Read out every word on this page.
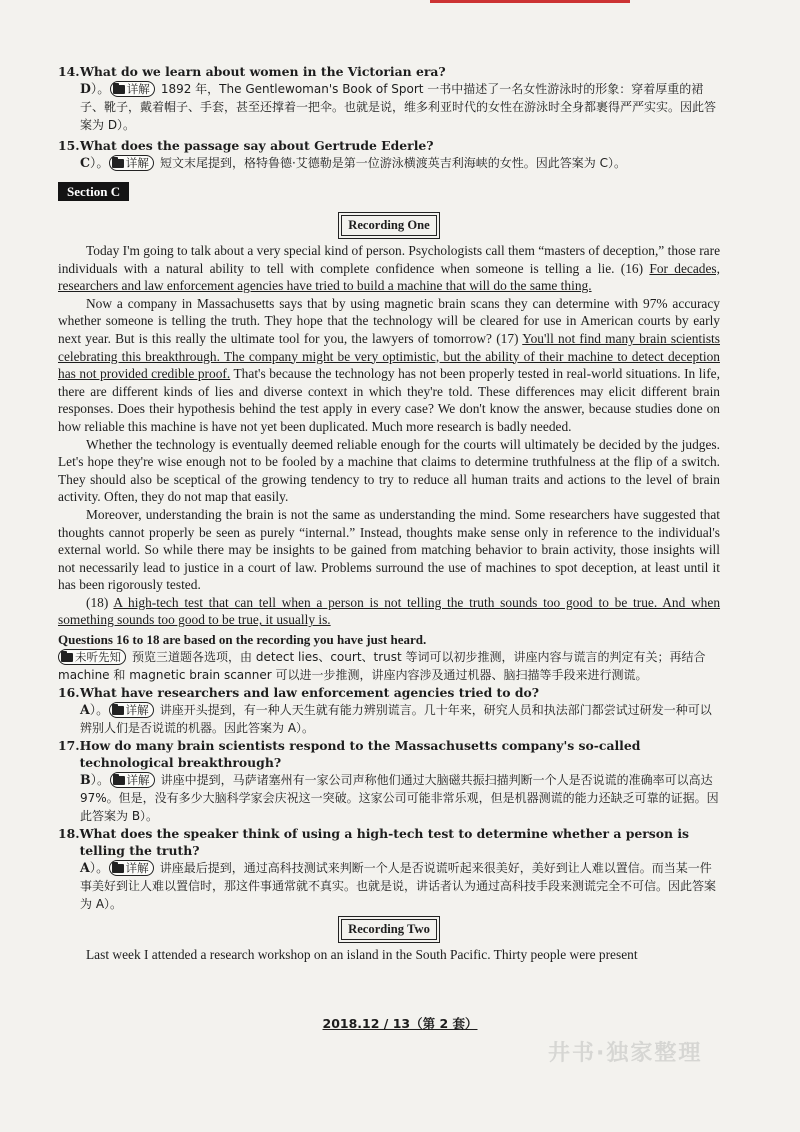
14.What do we learn about women in the Victorian era?
D）。 详解 1892 年，The Gentlewoman's Book of Sport 一书中描述了一名女性游泳时的形象：穿着厚重的裙子、靴子，戴着帽子、手套，甚至还撑着一把伞。也就是说，维多利亚时代的女性在游泳时全身都裹得严严实实。因此答案为 D）。
15.What does the passage say about Gertrude Ederle?
C）。 详解 短文末尾提到，格特鲁德·艾德勒是第一位游泳横渡英吉利海峡的女性。因此答案为 C）。
Section C
Recording One

Today I'm going to talk about a very special kind of person. Psychologists call them “masters of deception,” those rare individuals with a natural ability to tell with complete confidence when someone is telling a lie. (16) For decades, researchers and law enforcement agencies have tried to build a machine that will do the same thing.

Now a company in Massachusetts says that by using magnetic brain scans they can determine with 97% accuracy whether someone is telling the truth. They hope that the technology will be cleared for use in American courts by early next year. But is this really the ultimate tool for you, the lawyers of tomorrow? (17) You'll not find many brain scientists celebrating this breakthrough. The company might be very optimistic, but the ability of their machine to detect deception has not provided credible proof. That's because the technology has not been properly tested in real-world situations. In life, there are different kinds of lies and diverse context in which they're told. These differences may elicit different brain responses. Does their hypothesis behind the test apply in every case? We don't know the answer, because studies done on how reliable this machine is have not yet been duplicated. Much more research is badly needed.

Whether the technology is eventually deemed reliable enough for the courts will ultimately be decided by the judges. Let's hope they're wise enough not to be fooled by a machine that claims to determine truthfulness at the flip of a switch. They should also be sceptical of the growing tendency to try to reduce all human traits and actions to the level of brain activity. Often, they do not map that easily.

Moreover, understanding the brain is not the same as understanding the mind. Some researchers have suggested that thoughts cannot properly be seen as purely “internal.” Instead, thoughts make sense only in reference to the individual's external world. So while there may be insights to be gained from matching behavior to brain activity, those insights will not necessarily lead to justice in a court of law. Problems surround the use of machines to spot deception, at least until it has been rigorously tested.

(18) A high-tech test that can tell when a person is not telling the truth sounds too good to be true. And when something sounds too good to be true, it usually is.

Questions 16 to 18 are based on the recording you have just heard.
未听先知 预览三道题各选项，由 detect lies、court、trust 等词可以初步推测，讲座内容与谎言的判定有关；再结合 machine 和 magnetic brain scanner 可以进一步推测，讲座内容涉及通过机器、脑扫描等手段来进行测谎。
16.What have researchers and law enforcement agencies tried to do?
A）。 详解 讲座开头提到，有一种人天生就有能力辨别谎言。几十年来，研究人员和执法部门都尝试过研发一种可以辨别人们是否说谎的机器。因此答案为 A）。
17. How do many brain scientists respond to the Massachusetts company's so-called technological breakthrough?
B）。 详解 讲座中提到，马萨诸塞州有一家公司声称他们通过大脑磁共振扫描判断一个人是否说谎的准确率可以高达 97%。但是，没有多少大脑科学家会庆祝这一突破。这家公司可能非常乐观，但是机器测谎的能力还缺乏可靠的证据。因此答案为 B）。
18. What does the speaker think of using a high-tech test to determine whether a person is telling the truth?
A）。 详解 讲座最后提到，通过高科技测试来判断一个人是否说谎听起来很美好，美好到让人难以置信。而当某一件事美好到让人难以置信时，那这件事通常就不真实。也就是说，讲话者认为通过高科技手段来测谎完全不可信。因此答案为 A）。
Recording Two

Last week I attended a research workshop on an island in the South Pacific. Thirty people were present

2018.12 / 13（第 2 套）
井书·独家整理
